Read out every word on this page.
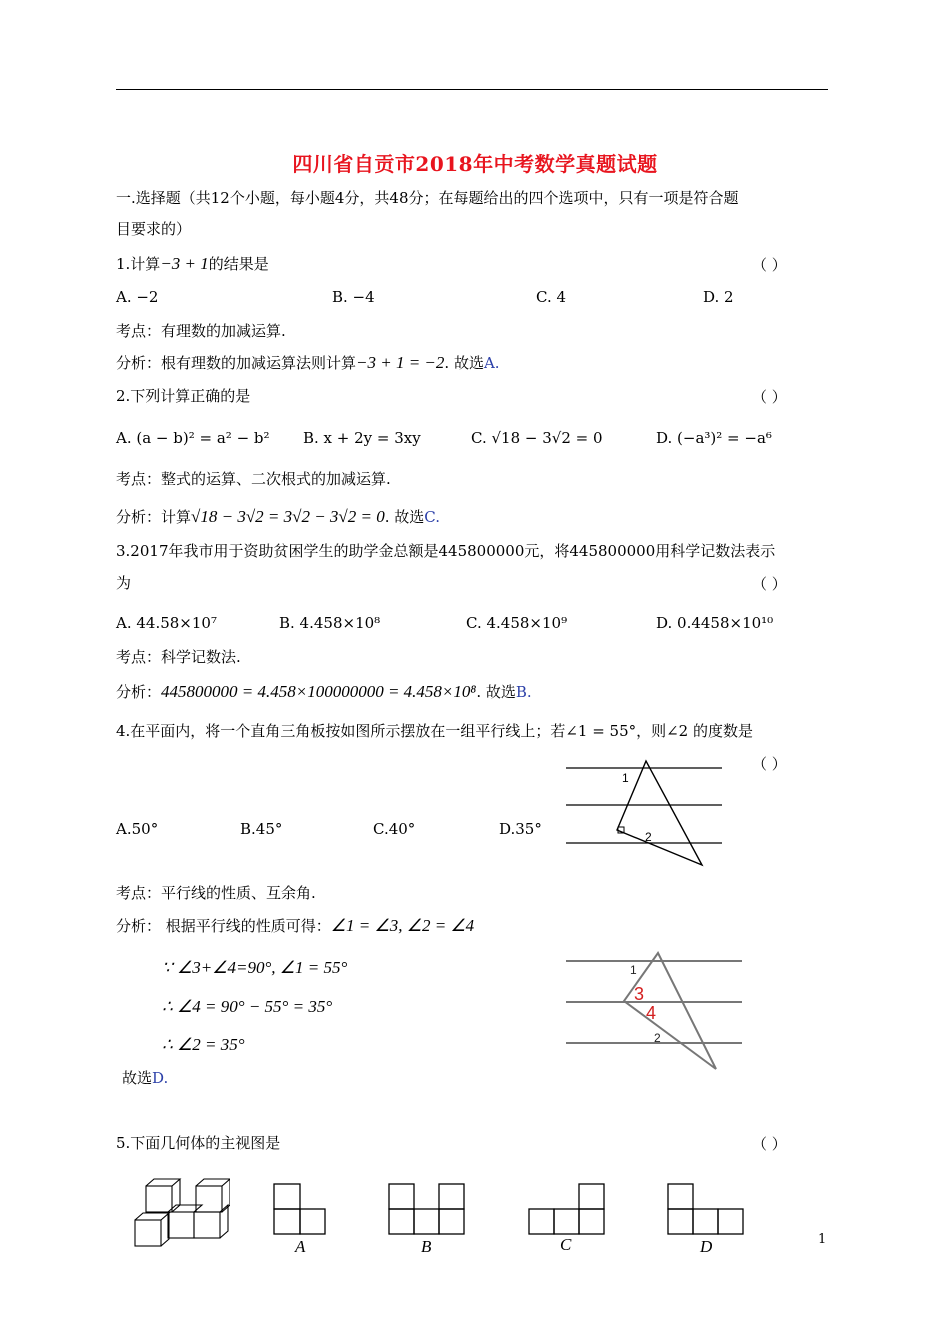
四川省自贡市2018年中考数学真题试题
一.选择题（共12个小题，每小题4分，共48分；在每题给出的四个选项中，只有一项是符合题
目要求的）
1.计算−3 + 1的结果是	（ ）
A. −2	B. −4	C. 4	D. 2
考点：有理数的加减运算.
分析：根有理数的加减运算法则计算−3 + 1 = −2. 故选A.
2.下列计算正确的是	（ ）
A. (a − b)² = a² − b² B. x + 2y = 3xy	C. √18 − 3√2 = 0	D. (−a³)² = −a⁶
考点：整式的运算、二次根式的加减运算.
分析：计算√18 − 3√2 = 3√2 − 3√2 = 0. 故选C.
3.2017年我市用于资助贫困学生的助学金总额是445800000元，将445800000用科学记数法表示
为	（ ）
A. 44.58×10⁷	B. 4.458×10⁸	C. 4.458×10⁹	D. 0.4458×10¹⁰
考点：科学记数法.
分析：445800000 = 4.458×100000000 = 4.458×10⁸. 故选B.
4.在平面内，将一个直角三角板按如图所示摆放在一组平行线上；若∠1 = 55°，则∠2 的度数是
（ ）
1
2
A.50°	B.45°	C.40°	D.35°
考点：平行线的性质、互余角.
分析： 根据平行线的性质可得：∠1 = ∠3, ∠2 = ∠4
∵ ∠3+∠4=90°, ∠1 = 55°
∴ ∠4 = 90° − 55° = 35°
∴ ∠2 = 35°
故选D.
1
3
4
2
5.下面几何体的主视图是	（ ）
A	B	C	D	1
